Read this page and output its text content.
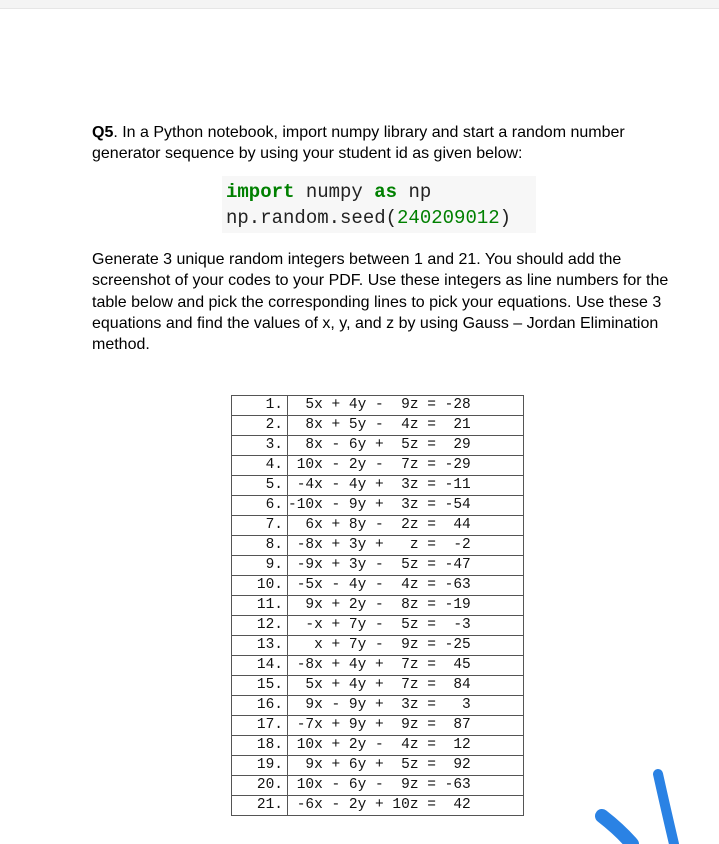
Q5. In a Python notebook, import numpy library and start a random number generator sequence by using your student id as given below:
import numpy as np
np.random.seed(240209012)
Generate 3 unique random integers between 1 and 21. You should add the screenshot of your codes to your PDF. Use these integers as line numbers for the table below and pick the corresponding lines to pick your equations. Use these 3 equations and find the values of x, y, and z by using Gauss – Jordan Elimination method.
1.	5x + 4y -  9z = -28
2.	8x + 5y -  4z =  21
3.	8x - 6y +  5z =  29
4.	10x - 2y -  7z = -29
5.	-4x - 4y +  3z = -11
6.	-10x - 9y +  3z = -54
7.	6x + 8y -  2z =  44
8.	-8x + 3y +   z =  -2
9.	-9x + 3y -  5z = -47
10.	-5x - 4y -  4z = -63
11.	9x + 2y -  8z = -19
12.	-x + 7y -  5z =  -3
13.	x + 7y -  9z = -25
14.	-8x + 4y +  7z =  45
15.	5x + 4y +  7z =  84
16.	9x - 9y +  3z =   3
17.	-7x + 9y +  9z =  87
18.	10x + 2y -  4z =  12
19.	9x + 6y +  5z =  92
20.	10x - 6y -  9z = -63
21.	-6x - 2y + 10z =  42
